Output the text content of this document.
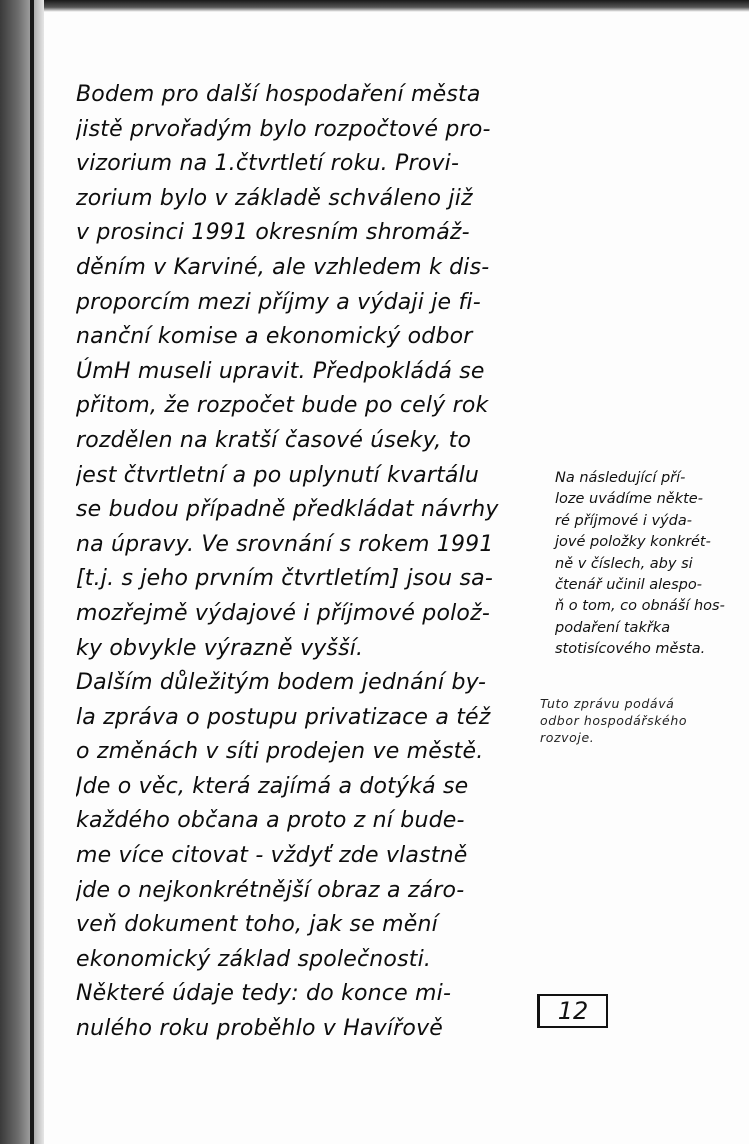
Bodem pro další hospodaření města
jistě prvořadým bylo rozpočtové pro-
vizorium na 1.čtvrtletí roku. Provi-
zorium bylo v základě schváleno již
v prosinci 1991 okresním shromáž-
děním v Karviné, ale vzhledem k dis-
proporcím mezi příjmy a výdaji je fi-
nanční komise a ekonomický odbor
ÚmH museli upravit. Předpokládá se
přitom, že rozpočet bude po celý rok
rozdělen na kratší časové úseky, to
jest čtvrtletní a po uplynutí kvartálu
se budou případně předkládat návrhy
na úpravy. Ve srovnání s rokem 1991
[t.j. s jeho prvním čtvrtletím] jsou sa-
mozřejmě výdajové i příjmové polož-
ky obvykle výrazně vyšší.
Dalším důležitým bodem jednání by-
la zpráva o postupu privatizace a též
o změnách v síti prodejen ve městě.
Jde o věc, která zajímá a dotýká se
každého občana a proto z ní bude-
me více citovat - vždyť zde vlastně
jde o nejkonkrétnější obraz a záro-
veň dokument toho, jak se mění
ekonomický základ společnosti.
Některé údaje tedy: do konce mi-
nulého roku proběhlo v Havířově
Na následující pří-
loze uvádíme někte-
ré příjmové i výda-
jové položky konkrét-
ně v číslech, aby si
čtenář učinil alespo-
ň o tom, co obnáší hos-
podaření takřka
stotisícového města.
Tuto zprávu podává
odbor hospodářského
rozvoje.
12
